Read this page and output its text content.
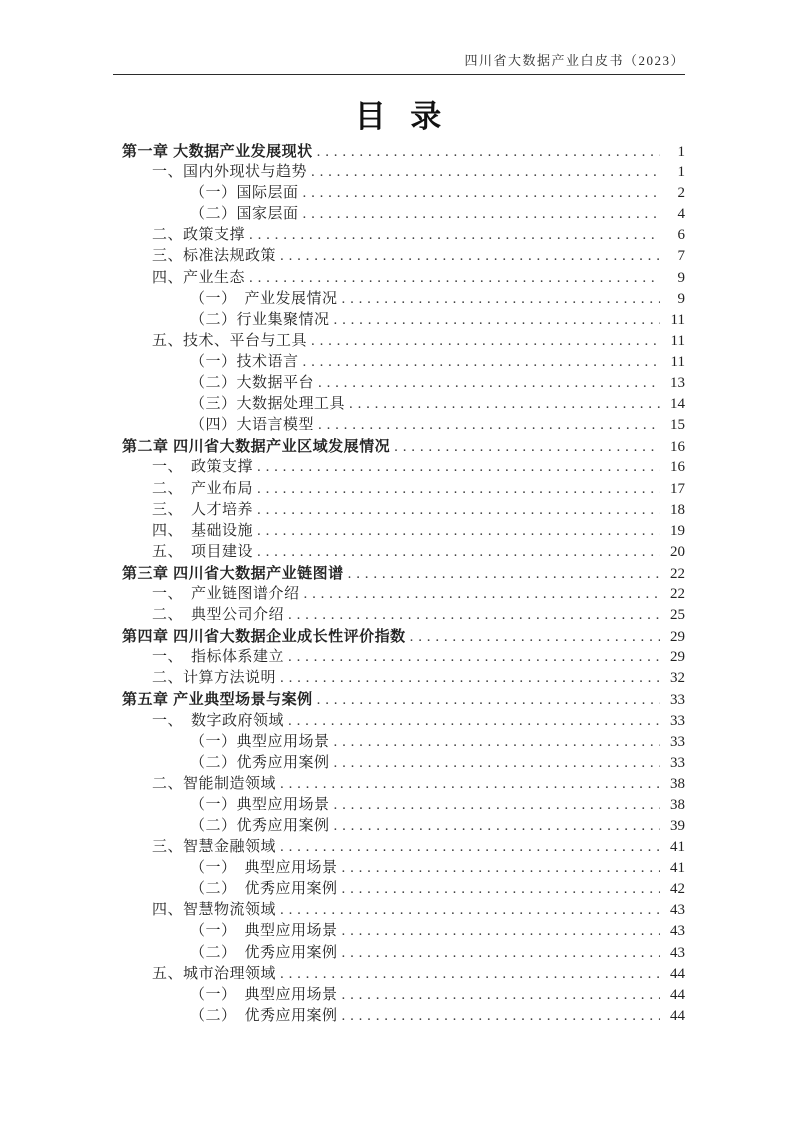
四川省大数据产业白皮书（2023）
目 录
第一章 大数据产业发展现状 .....	1
一、国内外现状与趋势 .....	1
（一）国际层面 .....	2
（二）国家层面 .....	4
二、政策支撑 .....	6
三、标准法规政策 .....	7
四、产业生态 .....	9
（一）　产业发展情况 .....	9
（二）行业集聚情况 .....	11
五、技术、平台与工具 .....	11
（一）技术语言 .....	11
（二）大数据平台 .....	13
（三）大数据处理工具 .....	14
（四）大语言模型 .....	15
第二章 四川省大数据产业区域发展情况 .....	16
一、　政策支撑 .....	16
二、　产业布局 .....	17
三、　人才培养 .....	18
四、　基础设施 .....	19
五、　项目建设 .....	20
第三章 四川省大数据产业链图谱 .....	22
一、　产业链图谱介绍 .....	22
二、　典型公司介绍 .....	25
第四章 四川省大数据企业成长性评价指数 .....	29
一、　指标体系建立 .....	29
二、计算方法说明 .....	32
第五章 产业典型场景与案例 .....	33
一、　数字政府领域 .....	33
（一）典型应用场景 .....	33
（二）优秀应用案例 .....	33
二、智能制造领域 .....	38
（一）典型应用场景 .....	38
（二）优秀应用案例 .....	39
三、智慧金融领域 .....	41
（一）　典型应用场景 .....	41
（二）　优秀应用案例 .....	42
四、智慧物流领域 .....	43
（一）　典型应用场景 .....	43
（二）　优秀应用案例 .....	43
五、城市治理领域 .....	44
（一）　典型应用场景 .....	44
（二）　优秀应用案例 .....	44
